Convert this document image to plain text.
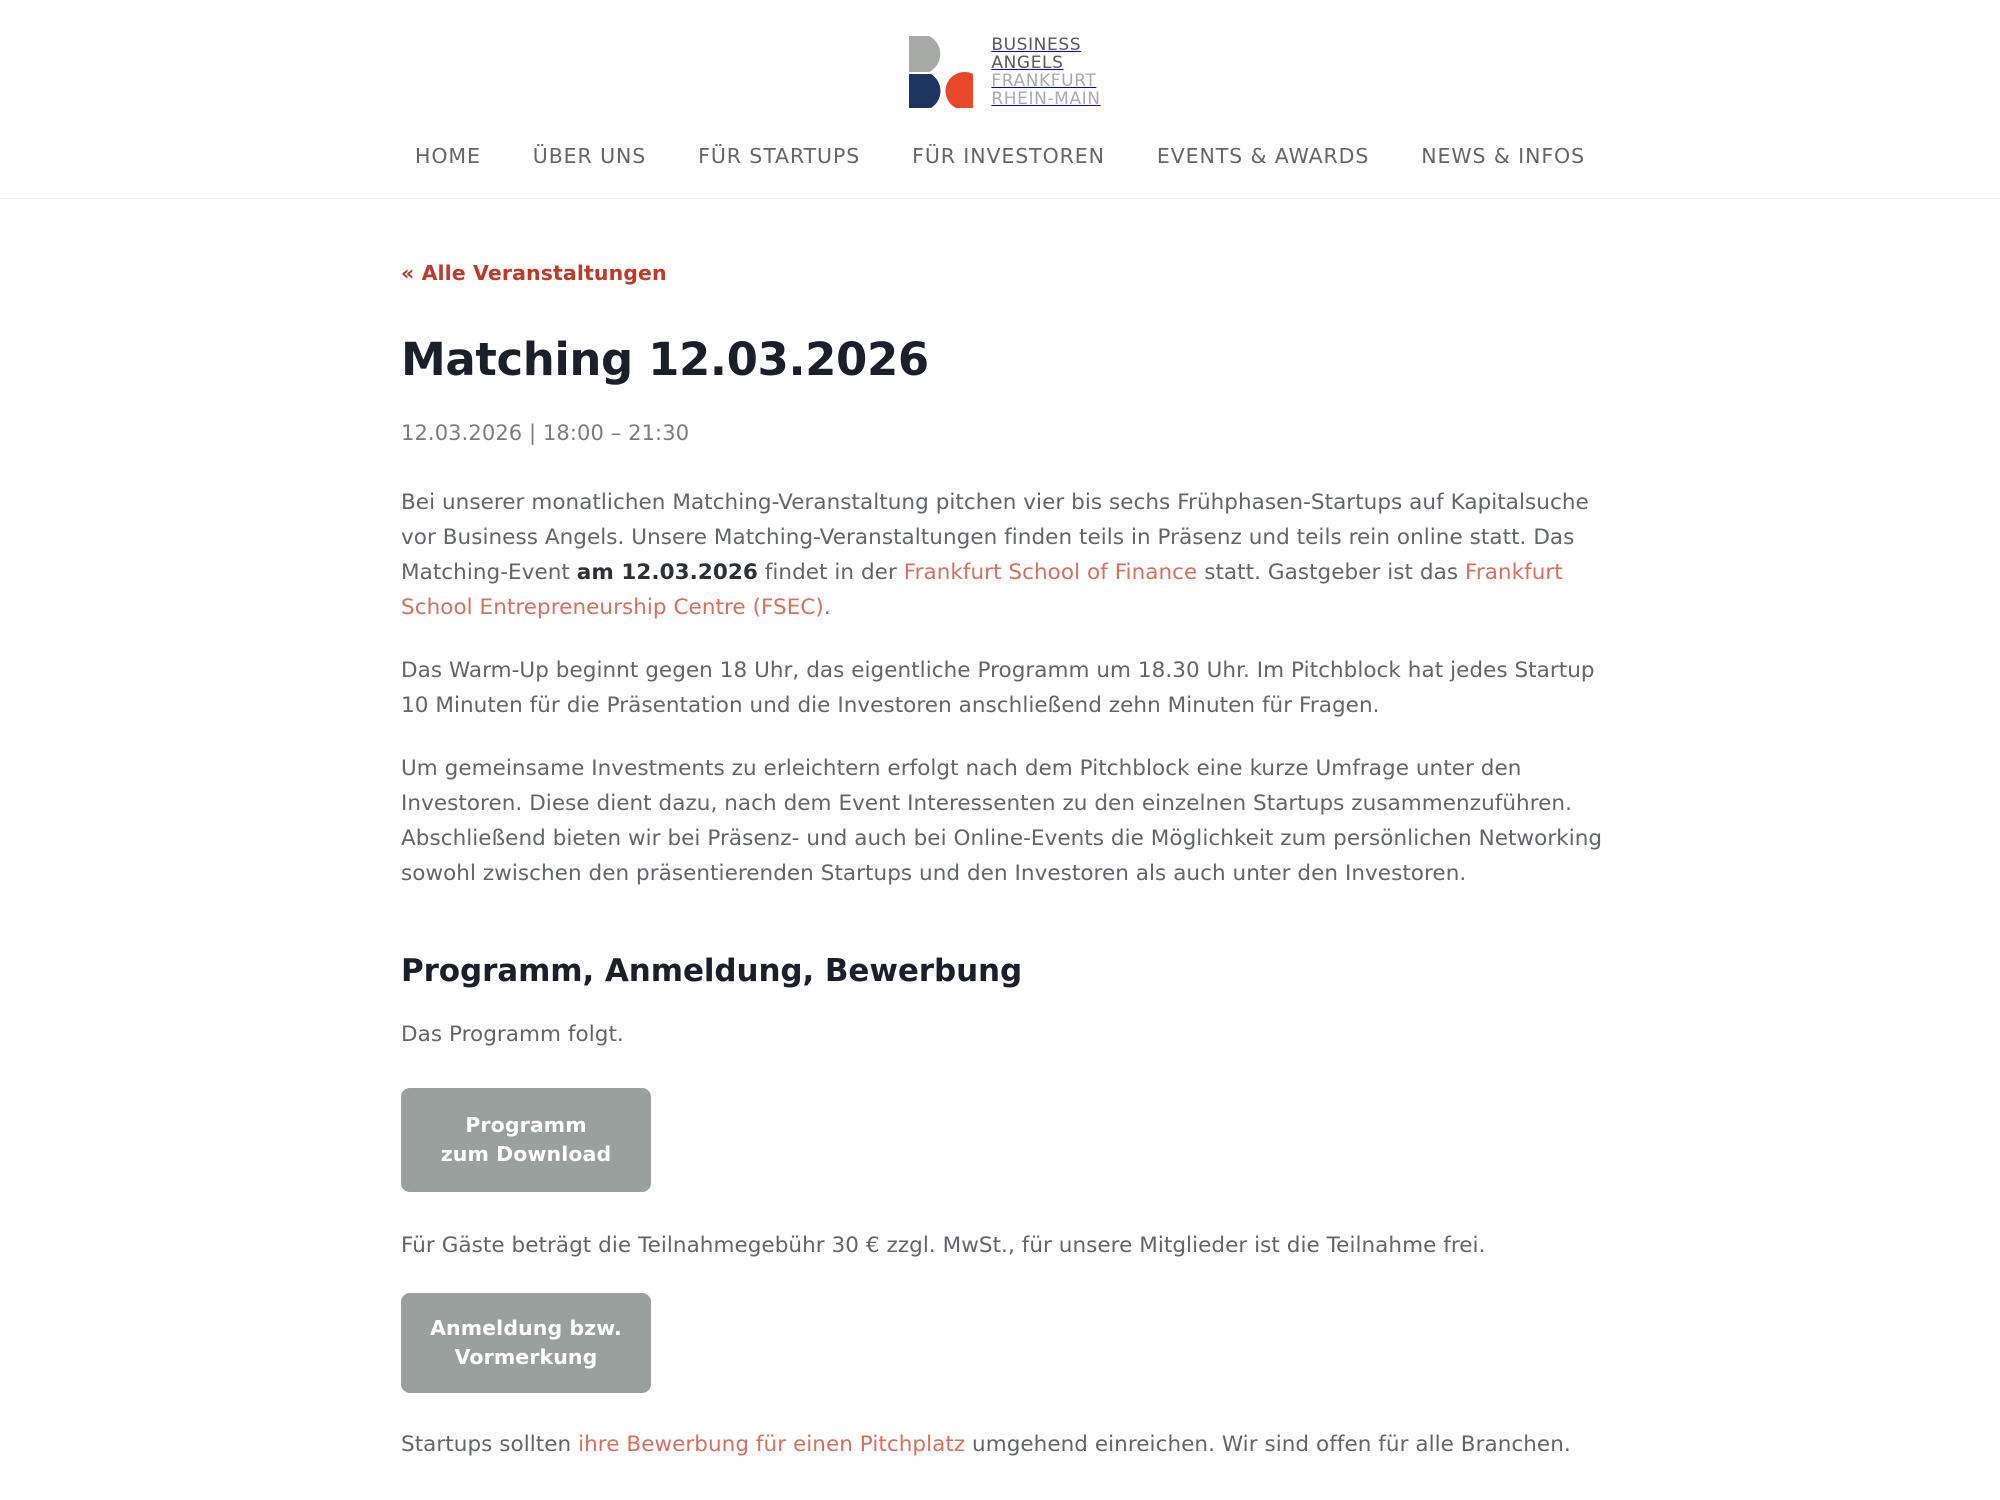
BUSINESS
ANGELS
FRANKFURT
RHEIN-MAIN
HOME	ÜBER UNS	FÜR STARTUPS	FÜR INVESTOREN	EVENTS & AWARDS	NEWS & INFOS
« Alle Veranstaltungen
Matching 12.03.2026
12.03.2026 | 18:00 – 21:30

Bei unserer monatlichen Matching-Veranstaltung pitchen vier bis sechs Frühphasen-Startups auf Kapitalsuche vor Business Angels. Unsere Matching-Veranstaltungen finden teils in Präsenz und teils rein online statt. Das Matching-Event am 12.03.2026 findet in der Frankfurt School of Finance statt. Gastgeber ist das Frankfurt School Entrepreneurship Centre (FSEC).

Das Warm-Up beginnt gegen 18 Uhr, das eigentliche Programm um 18.30 Uhr. Im Pitchblock hat jedes Startup 10 Minuten für die Präsentation und die Investoren anschließend zehn Minuten für Fragen.

Um gemeinsame Investments zu erleichtern erfolgt nach dem Pitchblock eine kurze Umfrage unter den Investoren. Diese dient dazu, nach dem Event Interessenten zu den einzelnen Startups zusammenzuführen. Abschließend bieten wir bei Präsenz- und auch bei Online-Events die Möglichkeit zum persönlichen Networking sowohl zwischen den präsentierenden Startups und den Investoren als auch unter den Investoren.

Programm, Anmeldung, Bewerbung

Das Programm folgt.

Programm
zum Download

Für Gäste beträgt die Teilnahmegebühr 30 € zzgl. MwSt., für unsere Mitglieder ist die Teilnahme frei.

Anmeldung bzw.
Vormerkung

Startups sollten ihre Bewerbung für einen Pitchplatz umgehend einreichen. Wir sind offen für alle Branchen.
